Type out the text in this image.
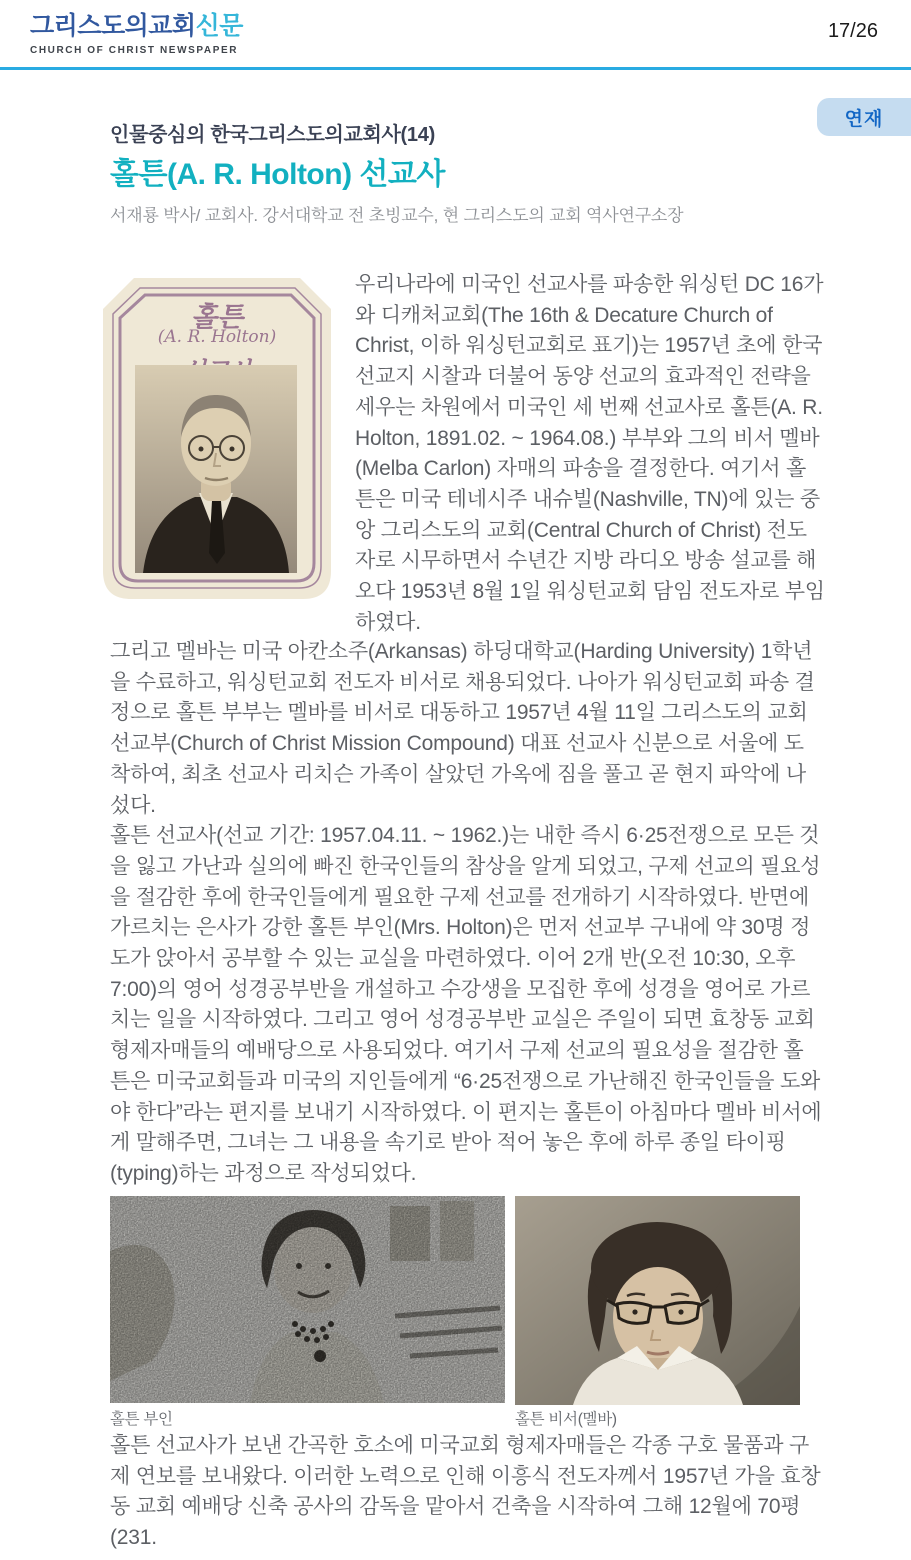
그리스도의교회신문
CHURCH OF CHRIST NEWSPAPER
17/26
연재
인물중심의 한국그리스도의교회사(14)
홀튼(A. R. Holton) 선교사
서재룡 박사/ 교회사. 강서대학교 전 초빙교수, 현 그리스도의 교회 역사연구소장
홀튼
(A. R. Holton)

우리나라에 미국인 선교사를 파송한 워싱턴 DC 16가와 디캐처교회(The 16th & Decature Church of Christ, 이하 워싱턴교회로 표기)는 1957년 초에 한국선교지 시찰과 더불어 동양 선교의 효과적인 전략을 세우는 차원에서 미국인 세 번째 선교사로 홀튼(A. R. Holton, 1891.02. ~ 1964.08.) 부부와 그의 비서 멜바(Melba Carlon) 자매의 파송을 결정한다. 여기서 홀튼은 미국 테네시주 내슈빌(Nashville, TN)에 있는 중앙 그리스도의 교회(Central Church of Christ) 전도자로 시무하면서 수년간 지방 라디오 방송 설교를 해오다 1953년 8월 1일 워싱턴교회 담임 전도자로 부임하였다.

그리고 멜바는 미국 아칸소주(Arkansas) 하딩대학교(Harding University) 1학년을 수료하고, 워싱턴교회 전도자 비서로 채용되었다. 나아가 워싱턴교회 파송 결정으로 홀튼 부부는 멜바를 비서로 대동하고 1957년 4월 11일 그리스도의 교회 선교부(Church of Christ Mission Compound) 대표 선교사 신분으로 서울에 도착하여, 최초 선교사 리치슨 가족이 살았던 가옥에 짐을 풀고 곧 현지 파악에 나섰다.

홀튼 선교사(선교 기간: 1957.04.11. ~ 1962.)는 내한 즉시 6·25전쟁으로 모든 것을 잃고 가난과 실의에 빠진 한국인들의 참상을 알게 되었고, 구제 선교의 필요성을 절감한 후에 한국인들에게 필요한 구제 선교를 전개하기 시작하였다. 반면에 가르치는 은사가 강한 홀튼 부인(Mrs. Holton)은 먼저 선교부 구내에 약 30명 정도가 앉아서 공부할 수 있는 교실을 마련하였다. 이어 2개 반(오전 10:30, 오후 7:00)의 영어 성경공부반을 개설하고 수강생을 모집한 후에 성경을 영어로 가르치는 일을 시작하였다. 그리고 영어 성경공부반 교실은 주일이 되면 효창동 교회 형제자매들의 예배당으로 사용되었다. 여기서 구제 선교의 필요성을 절감한 홀튼은 미국교회들과 미국의 지인들에게 “6·25전쟁으로 가난해진 한국인들을 도와야 한다”라는 편지를 보내기 시작하였다. 이 편지는 홀튼이 아침마다 멜바 비서에게 말해주면, 그녀는 그 내용을 속기로 받아 적어 놓은 후에 하루 종일 타이핑(typing)하는 과정으로 작성되었다.

홀튼 부인	홀튼 비서(멜바)

홀튼 선교사가 보낸 간곡한 호소에 미국교회 형제자매들은 각종 구호 물품과 구제 연보를 보내왔다. 이러한 노력으로 인해 이흥식 전도자께서 1957년 가을 효창동 교회 예배당 신축 공사의 감독을 맡아서 건축을 시작하여 그해 12월에 70평(231.
